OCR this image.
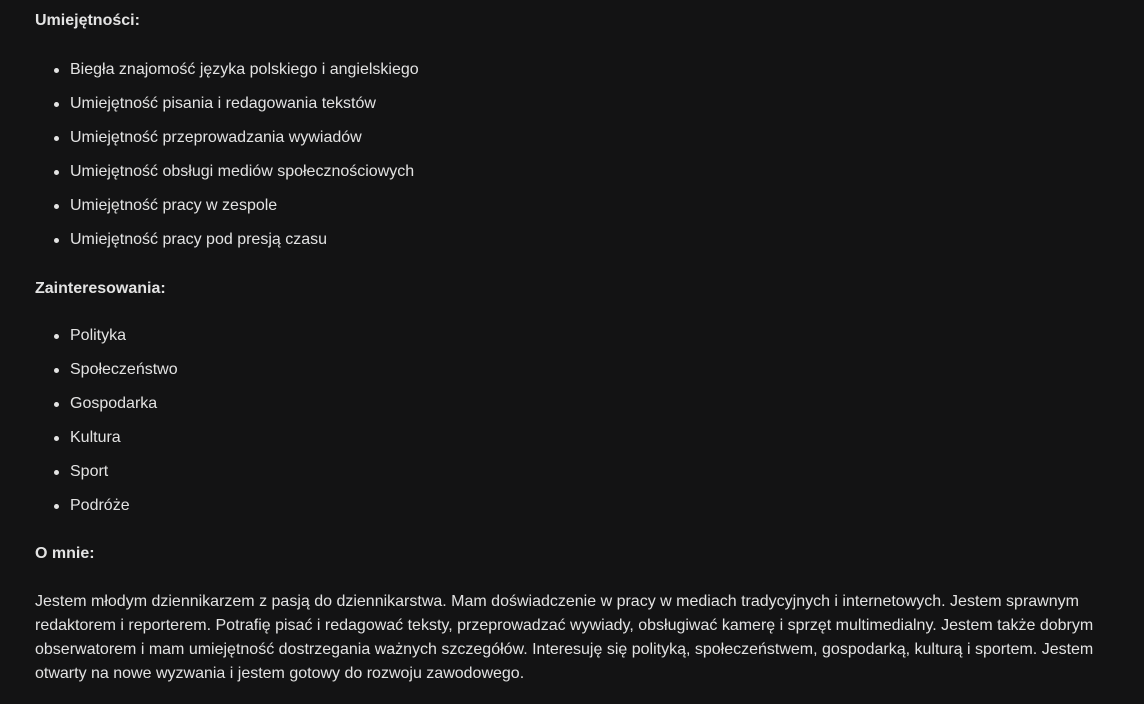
Umiejętności:

Biegła znajomość języka polskiego i angielskiego
Umiejętność pisania i redagowania tekstów
Umiejętność przeprowadzania wywiadów
Umiejętność obsługi mediów społecznościowych
Umiejętność pracy w zespole
Umiejętność pracy pod presją czasu

Zainteresowania:

Polityka
Społeczeństwo
Gospodarka
Kultura
Sport
Podróże

O mnie:

Jestem młodym dziennikarzem z pasją do dziennikarstwa. Mam doświadczenie w pracy w mediach tradycyjnych i internetowych. Jestem sprawnym redaktorem i reporterem. Potrafię pisać i redagować teksty, przeprowadzać wywiady, obsługiwać kamerę i sprzęt multimedialny. Jestem także dobrym obserwatorem i mam umiejętność dostrzegania ważnych szczegółów. Interesuję się polityką, społeczeństwem, gospodarką, kulturą i sportem. Jestem otwarty na nowe wyzwania i jestem gotowy do rozwoju zawodowego.
